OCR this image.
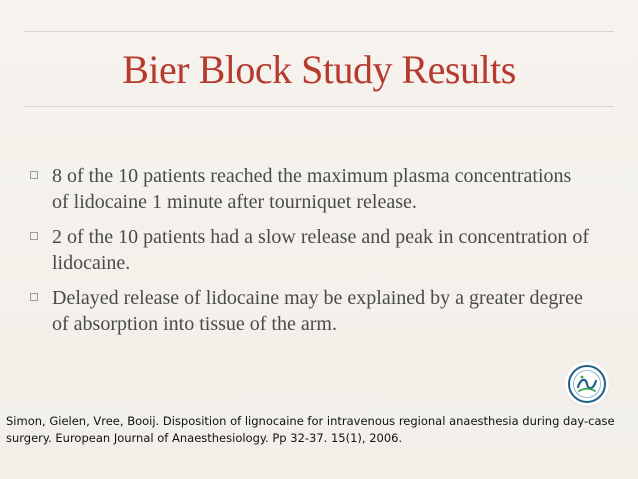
Bier Block Study Results
8 of the 10 patients reached the maximum plasma concentrations of lidocaine 1 minute after tourniquet release.
2 of the 10 patients had a slow release and peak in concentration of lidocaine.
Delayed release of lidocaine may be explained by a greater degree of absorption into tissue of the arm.
Simon, Gielen, Vree, Booij. Disposition of lignocaine for intravenous regional anaesthesia during day-case surgery. European Journal of Anaesthesiology. Pp 32-37. 15(1), 2006.
